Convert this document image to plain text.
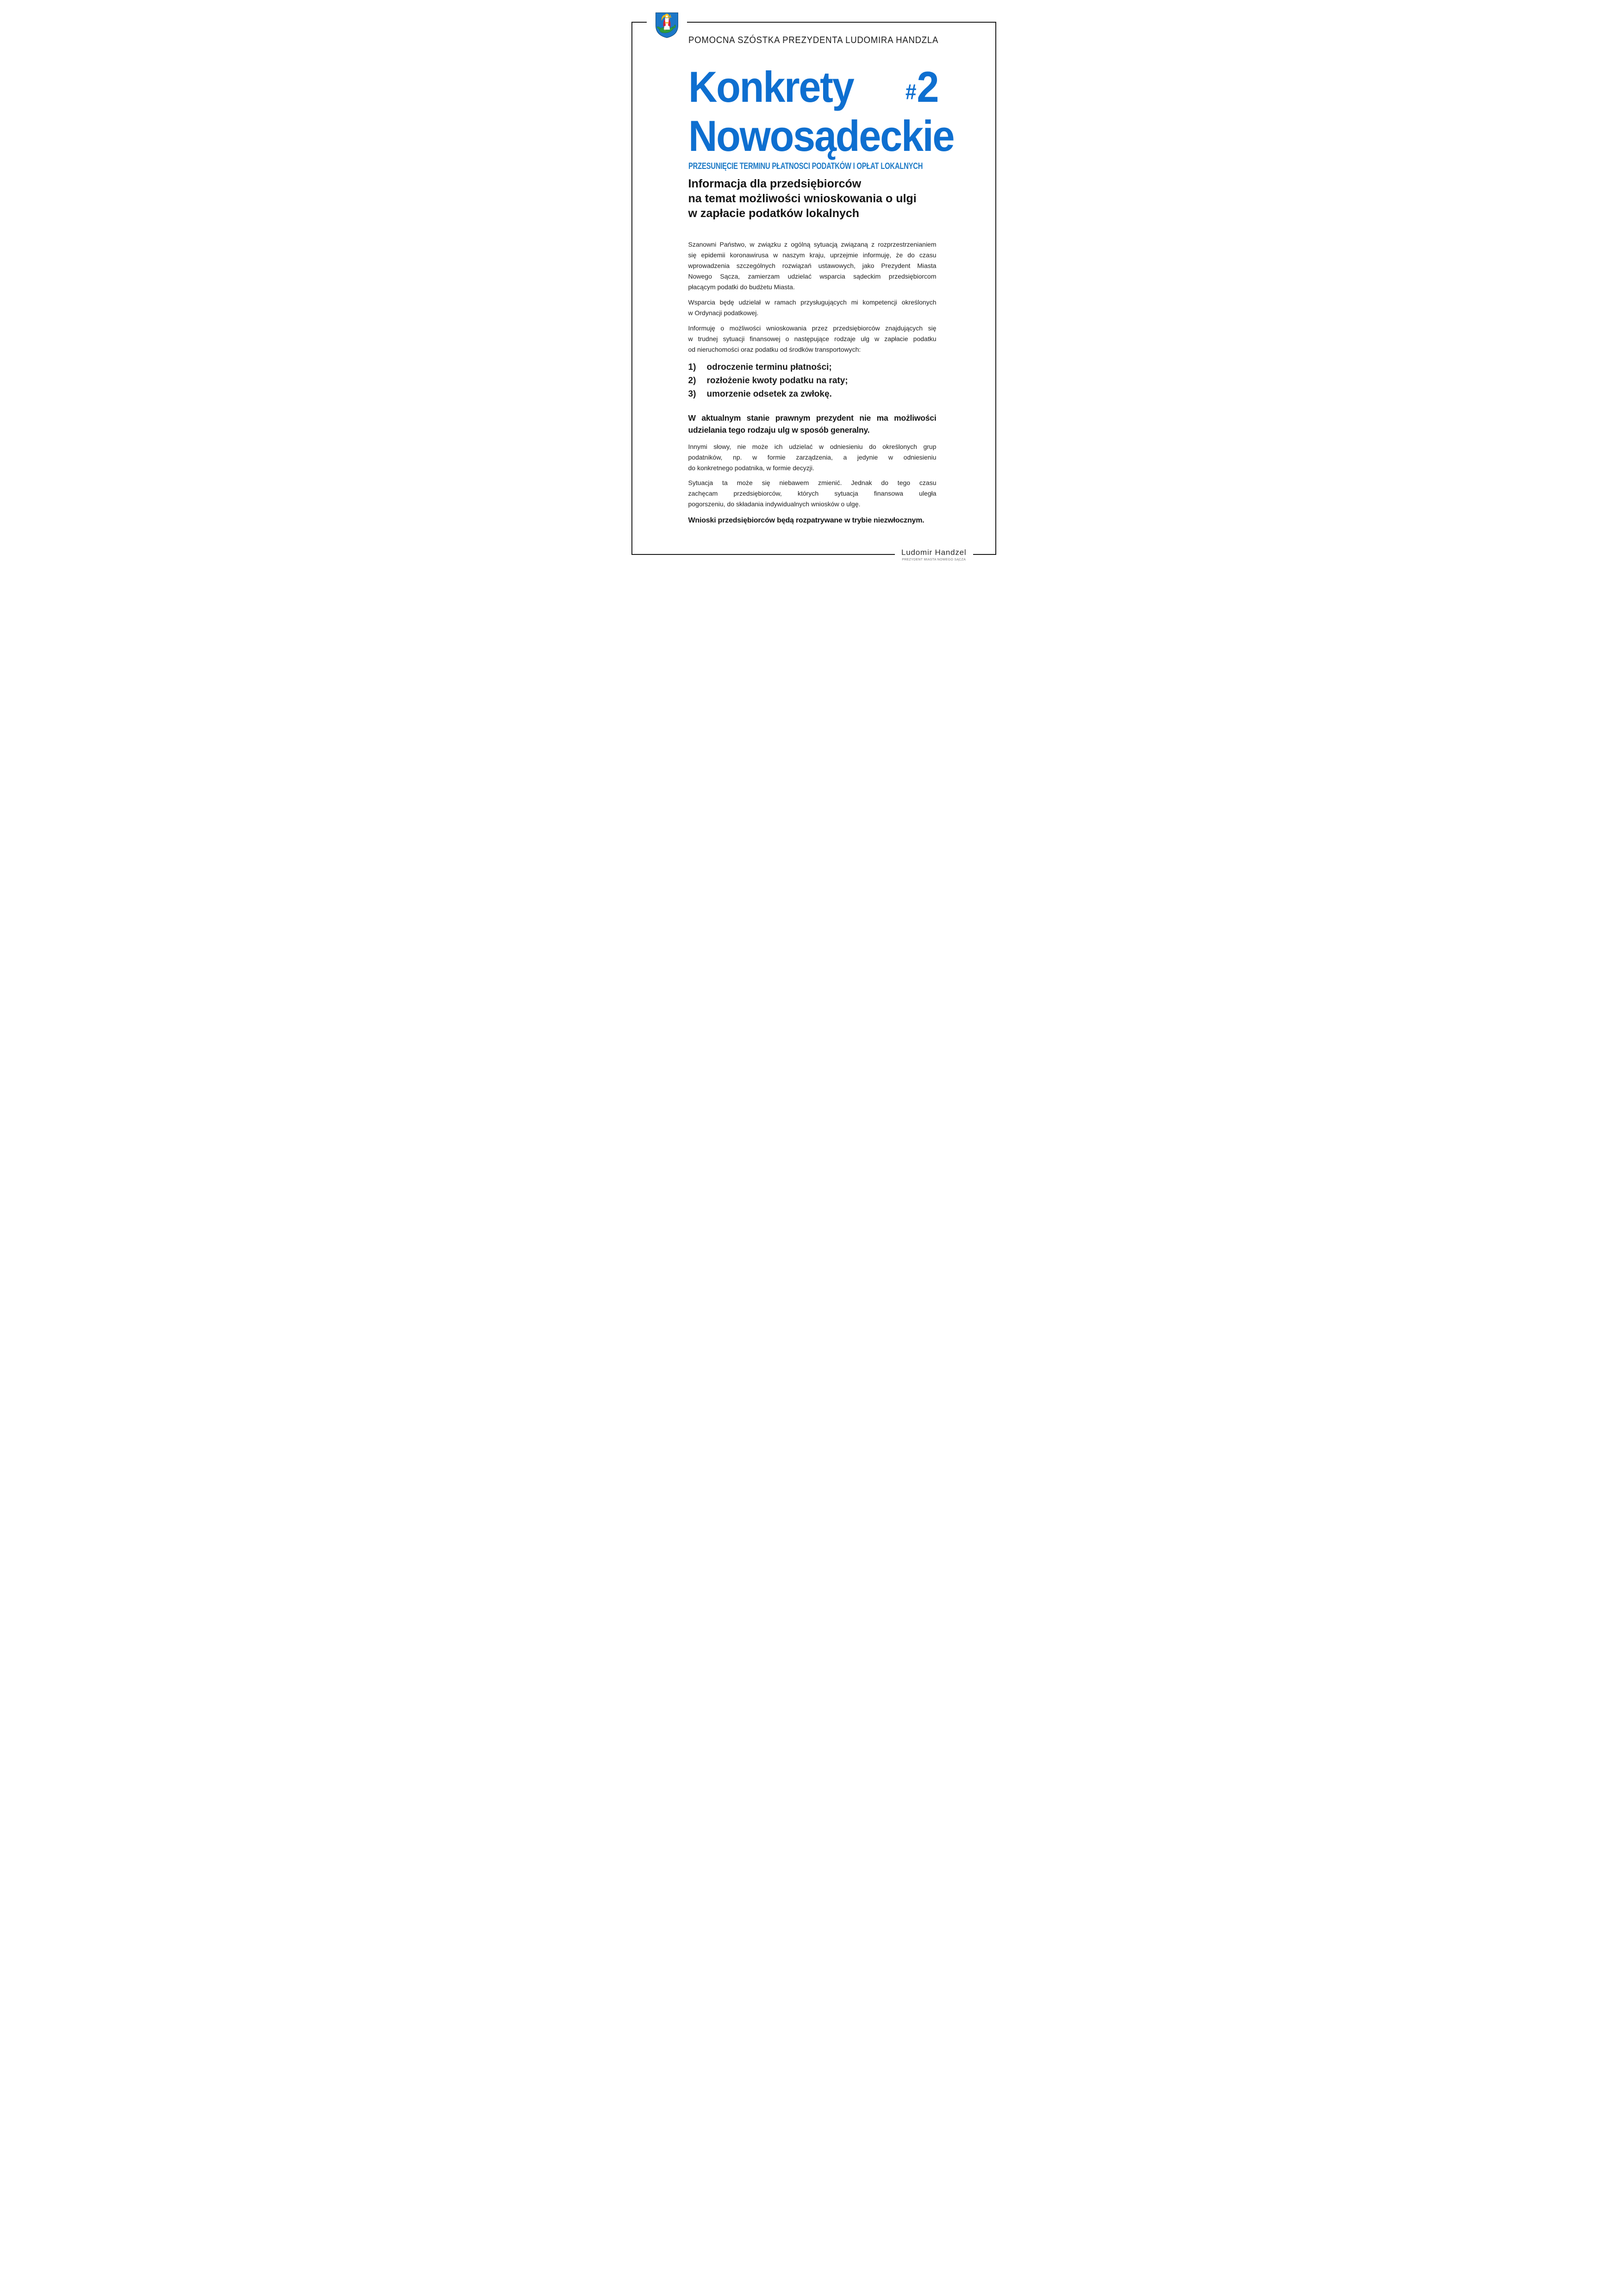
POMOCNA SZÓSTKA PREZYDENTA LUDOMIRA HANDZLA
Konkrety #2
Nowosądeckie
PRZESUNIĘCIE TERMINU PŁATNOSCI PODATKÓW I OPŁAT LOKALNYCH
Informacja dla przedsiębiorców
na temat możliwości wnioskowania o ulgi
w zapłacie podatków lokalnych
Szanowni Państwo, w związku z ogólną sytuacją związaną z rozprzestrzenianiem
się epidemii koronawirusa w naszym kraju, uprzejmie informuję, że do czasu
wprowadzenia szczególnych rozwiązań ustawowych, jako Prezydent Miasta
Nowego Sącza, zamierzam udzielać wsparcia sądeckim przedsiębiorcom
płacącym podatki do budżetu Miasta.
Wsparcia będę udzielał w ramach przysługujących mi kompetencji określonych
w Ordynacji podatkowej.
Informuję o możliwości wnioskowania przez przedsiębiorców znajdujących się
w trudnej sytuacji finansowej o następujące rodzaje ulg w zapłacie podatku
od nieruchomości oraz podatku od środków transportowych:
1) odroczenie terminu płatności;
2) rozłożenie kwoty podatku na raty;
3) umorzenie odsetek za zwłokę.
W aktualnym stanie prawnym prezydent nie ma możliwości
udzielania tego rodzaju ulg w sposób generalny.
Innymi słowy, nie może ich udzielać w odniesieniu do określonych grup
podatników, np. w formie zarządzenia, a jedynie w odniesieniu
do konkretnego podatnika, w formie decyzji.
Sytuacja ta może się niebawem zmienić. Jednak do tego czasu
zachęcam przedsiębiorców, których sytuacja finansowa uległa
pogorszeniu, do składania indywidualnych wniosków o ulgę.
Wnioski przedsiębiorców będą rozpatrywane w trybie niezwłocznym.
Ludomir Handzel
PREZYDENT MIASTA NOWEGO SĄCZA
